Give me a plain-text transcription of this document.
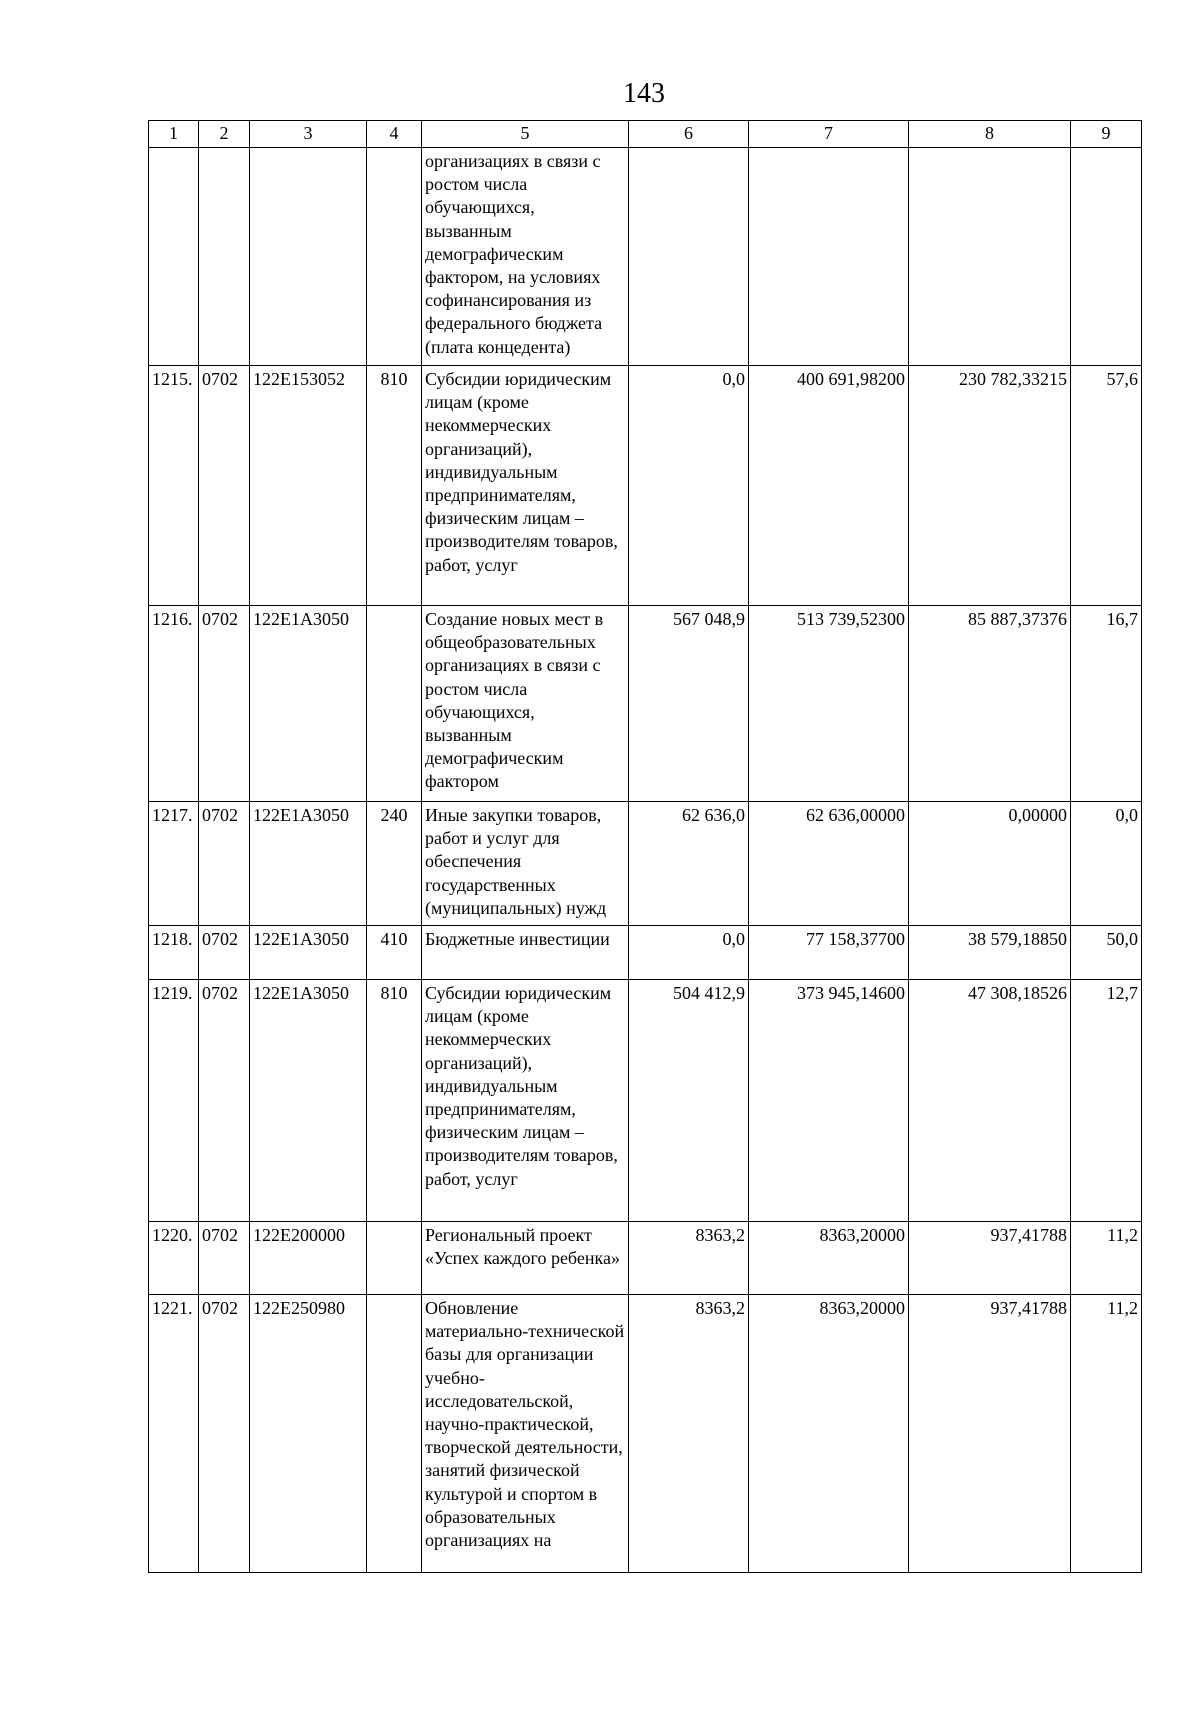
143
1	2	3	4	5	6	7	8	9
				организациях в связи с ростом числа обучающихся, вызванным демографическим фактором, на условиях софинансирования из федерального бюджета (плата концедента)				
1215.	0702	122E153052	810	Субсидии юридическим лицам (кроме некоммерческих организаций), индивидуальным предпринимателям, физическим лицам – производителям товаров, работ, услуг	0,0	400 691,98200	230 782,33215	57,6
1216.	0702	122E1A3050		Создание новых мест в общеобразовательных организациях в связи с ростом числа обучающихся, вызванным демографическим фактором	567 048,9	513 739,52300	85 887,37376	16,7
1217.	0702	122E1A3050	240	Иные закупки товаров, работ и услуг для обеспечения государственных (муниципальных) нужд	62 636,0	62 636,00000	0,00000	0,0
1218.	0702	122E1A3050	410	Бюджетные инвестиции	0,0	77 158,37700	38 579,18850	50,0
1219.	0702	122E1A3050	810	Субсидии юридическим лицам (кроме некоммерческих организаций), индивидуальным предпринимателям, физическим лицам – производителям товаров, работ, услуг	504 412,9	373 945,14600	47 308,18526	12,7
1220.	0702	122E200000		Региональный проект «Успех каждого ребенка»	8363,2	8363,20000	937,41788	11,2
1221.	0702	122E250980		Обновление материально-технической базы для организации учебно-исследовательской, научно-практической, творческой деятельности, занятий физической культурой и спортом в образовательных организациях на	8363,2	8363,20000	937,41788	11,2
